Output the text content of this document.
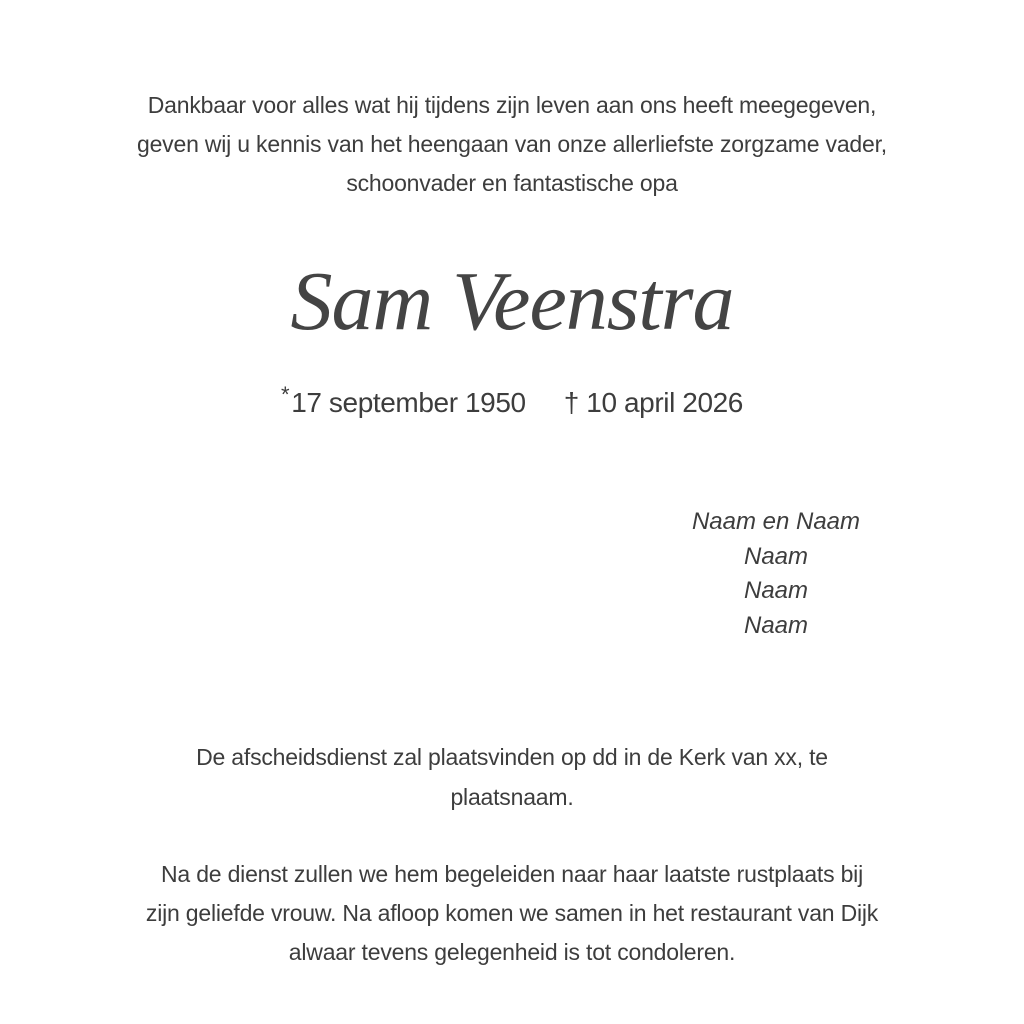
Dankbaar voor alles wat hij tijdens zijn leven aan ons heeft meegegeven,

geven wij u kennis van het heengaan van onze allerliefste zorgzame vader,

schoonvader en fantastische opa

Sam Veenstra
*17 september 1950 † 10 april 2026
Naam en Naam
Naam
Naam
Naam

De afscheidsdienst zal plaatsvinden op dd in de Kerk van xx, te

plaatsnaam.

Na de dienst zullen we hem begeleiden naar haar laatste rustplaats bij

zijn geliefde vrouw. Na afloop komen we samen in het restaurant van Dijk

alwaar tevens gelegenheid is tot condoleren.
